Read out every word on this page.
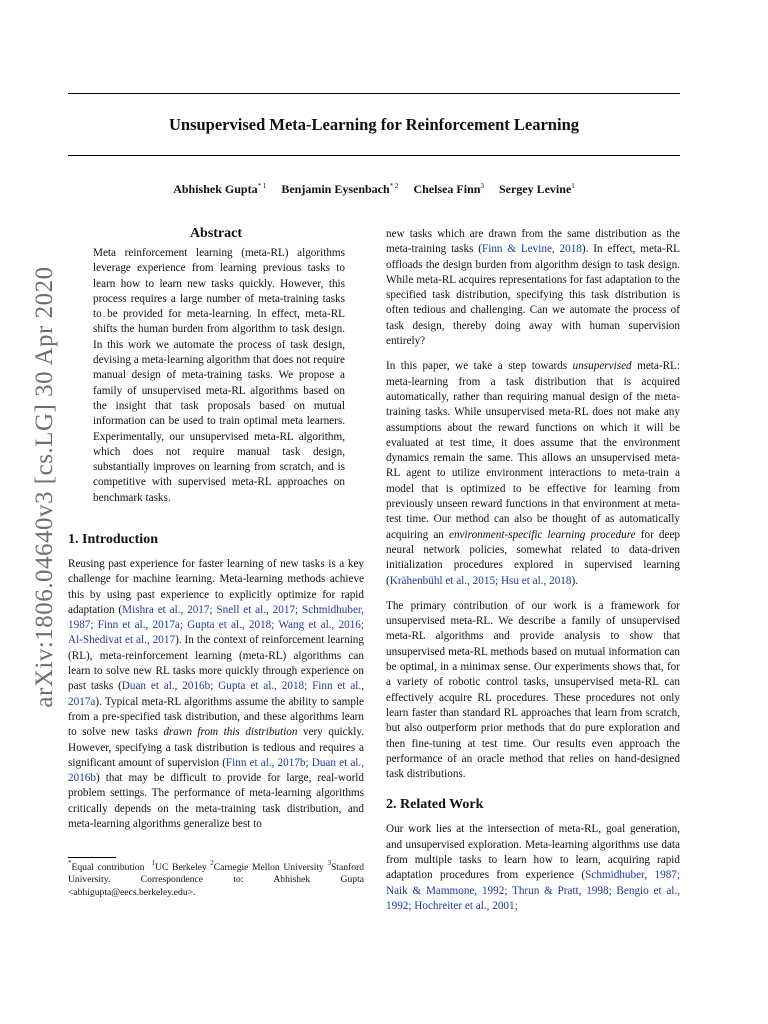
arXiv:1806.04640v3 [cs.LG] 30 Apr 2020
Unsupervised Meta-Learning for Reinforcement Learning
Abhishek Gupta$^{* 1}$ Benjamin Eysenbach$^{* 2}$ Chelsea Finn$^3$ Sergey Levine$^1$
Abstract

Meta reinforcement learning (meta-RL) algorithms leverage experience from learning previous tasks to learn how to learn new tasks quickly. However, this process requires a large number of meta-training tasks to be provided for meta-learning. In effect, meta-RL shifts the human burden from algorithm to task design. In this work we automate the process of task design, devising a meta-learning algorithm that does not require manual design of meta-training tasks. We propose a family of unsupervised meta-RL algorithms based on the insight that task proposals based on mutual information can be used to train optimal meta learners. Experimentally, our unsupervised meta-RL algorithm, which does not require manual task design, substantially improves on learning from scratch, and is competitive with supervised meta-RL approaches on benchmark tasks.

1. Introduction

Reusing past experience for faster learning of new tasks is a key challenge for machine learning. Meta-learning methods achieve this by using past experience to explicitly optimize for rapid adaptation (Mishra et al., 2017; Snell et al., 2017; Schmidhuber, 1987; Finn et al., 2017a; Gupta et al., 2018; Wang et al., 2016; Al-Shedivat et al., 2017). In the context of reinforcement learning (RL), meta-reinforcement learning (meta-RL) algorithms can learn to solve new RL tasks more quickly through experience on past tasks (Duan et al., 2016b; Gupta et al., 2018; Finn et al., 2017a). Typical meta-RL algorithms assume the ability to sample from a pre-specified task distribution, and these algorithms learn to solve new tasks drawn from this distribution very quickly. However, specifying a task distribution is tedious and requires a significant amount of supervision (Finn et al., 2017b; Duan et al., 2016b) that may be difficult to provide for large, real-world problem settings. The performance of meta-learning algorithms critically depends on the meta-training task distribution, and meta-learning algorithms generalize best to

*Equal contribution $^1$UC Berkeley $^2$Carnegie Mellon University $^3$Stanford University. Correspondence to: Abhishek Gupta <abhigupta@eecs.berkeley.edu>.

new tasks which are drawn from the same distribution as the meta-training tasks (Finn & Levine, 2018). In effect, meta-RL offloads the design burden from algorithm design to task design. While meta-RL acquires representations for fast adaptation to the specified task distribution, specifying this task distribution is often tedious and challenging. Can we automate the process of task design, thereby doing away with human supervision entirely?

In this paper, we take a step towards unsupervised meta-RL: meta-learning from a task distribution that is acquired automatically, rather than requiring manual design of the meta-training tasks. While unsupervised meta-RL does not make any assumptions about the reward functions on which it will be evaluated at test time, it does assume that the environment dynamics remain the same. This allows an unsupervised meta-RL agent to utilize environment interactions to meta-train a model that is optimized to be effective for learning from previously unseen reward functions in that environment at meta-test time. Our method can also be thought of as automatically acquiring an environment-specific learning procedure for deep neural network policies, somewhat related to data-driven initialization procedures explored in supervised learning (Krähenbühl et al., 2015; Hsu et al., 2018).

The primary contribution of our work is a framework for unsupervised meta-RL. We describe a family of unsupervised meta-RL algorithms and provide analysis to show that unsupervised meta-RL methods based on mutual information can be optimal, in a minimax sense. Our experiments shows that, for a variety of robotic control tasks, unsupervised meta-RL can effectively acquire RL procedures. These procedures not only learn faster than standard RL approaches that learn from scratch, but also outperform prior methods that do pure exploration and then fine-tuning at test time. Our results even approach the performance of an oracle method that relies on hand-designed task distributions.

2. Related Work

Our work lies at the intersection of meta-RL, goal generation, and unsupervised exploration. Meta-learning algorithms use data from multiple tasks to learn how to learn, acquiring rapid adaptation procedures from experience (Schmidhuber, 1987; Naik & Mammone, 1992; Thrun & Pratt, 1998; Bengio et al., 1992; Hochreiter et al., 2001;
